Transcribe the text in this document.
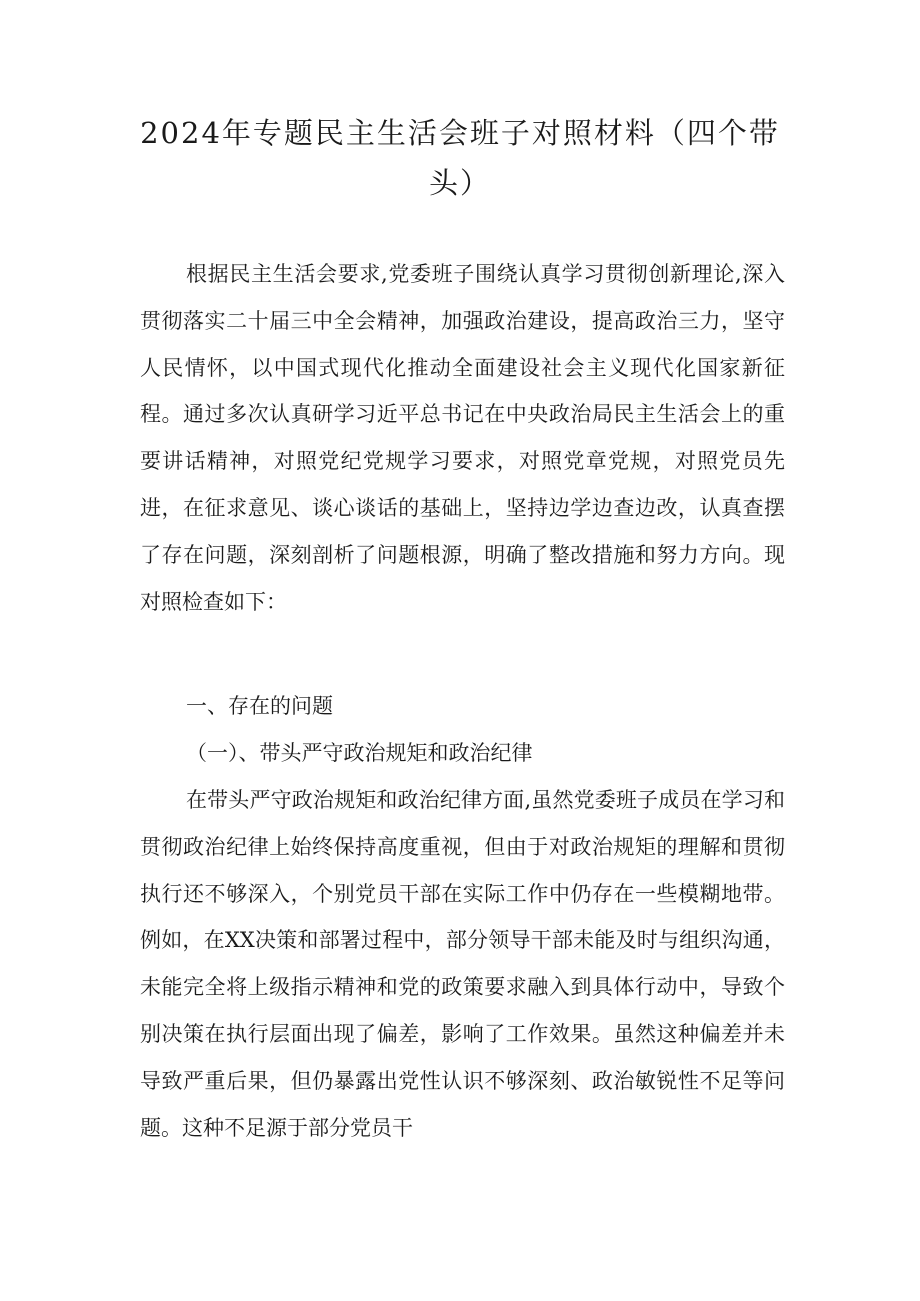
2024年专题民主生活会班子对照材料（四个带头）

根据民主生活会要求,党委班子围绕认真学习贯彻创新理论,深入贯彻落实二十届三中全会精神，加强政治建设，提高政治三力，坚守人民情怀，以中国式现代化推动全面建设社会主义现代化国家新征程。通过多次认真研学习近平总书记在中央政治局民主生活会上的重要讲话精神，对照党纪党规学习要求，对照党章党规，对照党员先进，在征求意见、谈心谈话的基础上，坚持边学边查边改，认真查摆了存在问题，深刻剖析了问题根源，明确了整改措施和努力方向。现对照检查如下：

一、存在的问题

（一）、带头严守政治规矩和政治纪律

在带头严守政治规矩和政治纪律方面,虽然党委班子成员在学习和贯彻政治纪律上始终保持高度重视，但由于对政治规矩的理解和贯彻执行还不够深入，个别党员干部在实际工作中仍存在一些模糊地带。例如，在XX决策和部署过程中，部分领导干部未能及时与组织沟通，未能完全将上级指示精神和党的政策要求融入到具体行动中，导致个别决策在执行层面出现了偏差，影响了工作效果。虽然这种偏差并未导致严重后果，但仍暴露出党性认识不够深刻、政治敏锐性不足等问题。这种不足源于部分党员干
